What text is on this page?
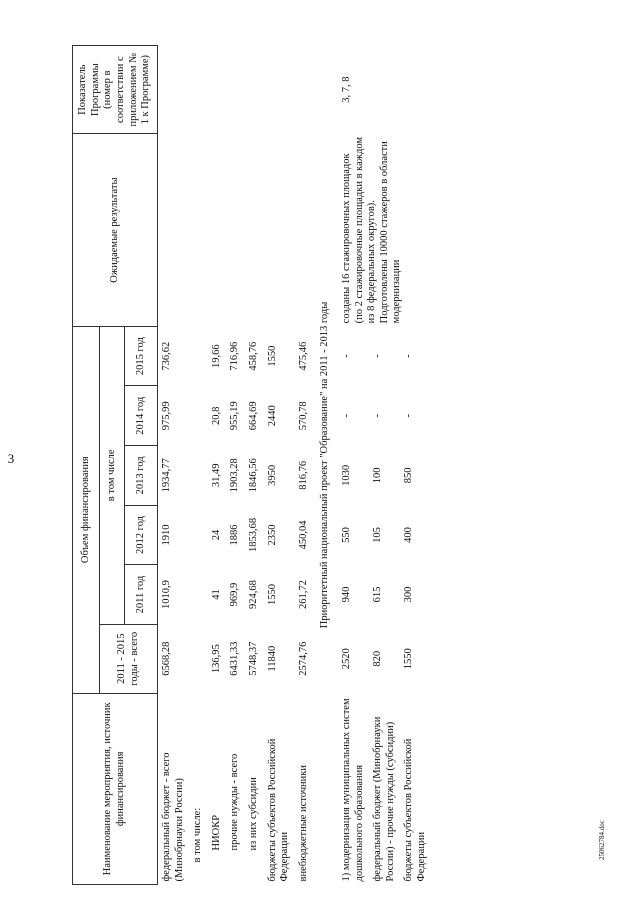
3
Наименование мероприятия, источник финансирования	Объем финансирования						Ожидаемые результаты	Показатель Программы (номер в соответствии с приложением № 1 к Программе)
	2011 - 2015 годы - всего	в том числе						
		2011 год	2012 год	2013 год	2014 год	2015 год		
федеральный бюджет - всего (Минобрнауки России)	6568,28	1010,9	1910	1934,77	975,99	736,62		
в том числе:								
НИОКР	136,95	41	24	31,49	20,8	19,66		
прочие нужды - всего	6431,33	969,9	1886	1903,28	955,19	716,96		
из них субсидии	5748,37	924,68	1853,68	1846,56	664,69	458,76		
бюджеты субъектов Российской Федерации	11840	1550	2350	3950	2440	1550		
внебюджетные источники	2574,76	261,72	450,04	816,76	570,78	475,46		
Приоритетный национальный проект "Образование" на 2011 - 2013 годы								
1) модернизация муниципальных систем дошкольного образования	2520	940	550	1030	-	-	созданы 16 стажировочных площадок (по 2 стажировочные площадки в каждом из 8 федеральных округов). Подготовлены 10000 стажеров в области модернизации	3, 7, 8
федеральный бюджет (Минобрнауки России) - прочие нужды (субсидии)	820	615	105	100	-	-		
бюджеты субъектов Российской Федерации	1550	300	400	850	-	-		
25062784.doc
